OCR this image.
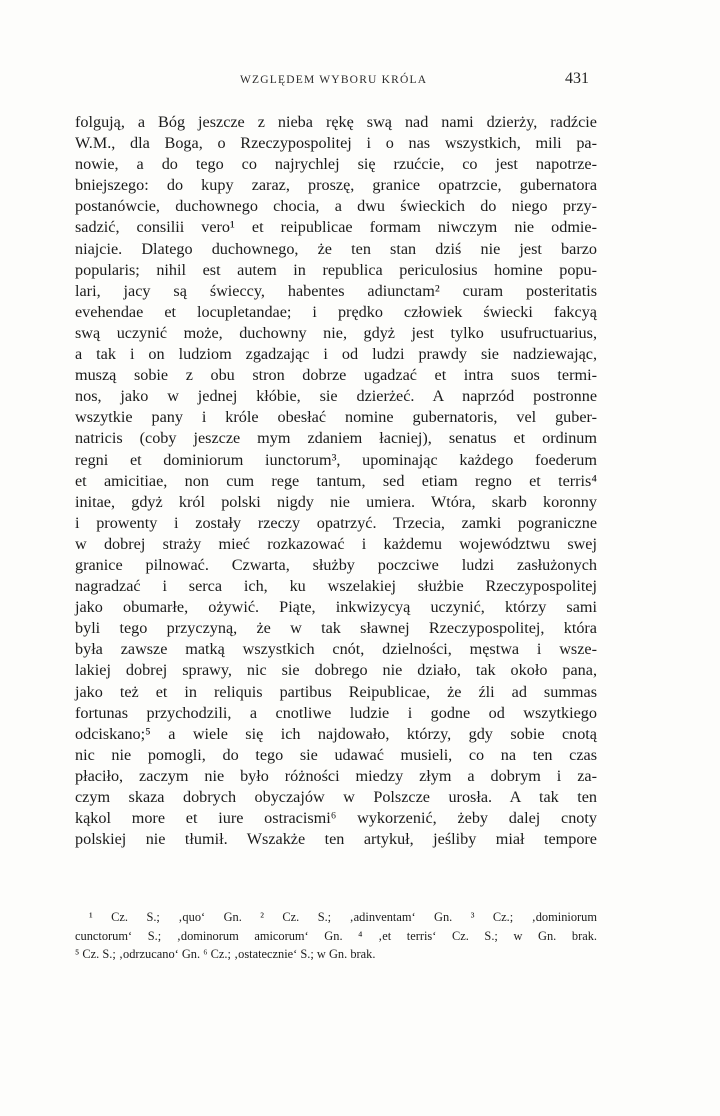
WZGLĘDEM WYBORU KRÓLA	431
folgują, a Bóg jeszcze z nieba rękę swą nad nami dzierży, radźcie
W.M., dla Boga, o Rzeczypospolitej i o nas wszystkich, mili pa-
nowie, a do tego co najrychlej się rzućcie, co jest napotrze-
bniejszego: do kupy zaraz, proszę, granice opatrzcie, gubernatora
postanówcie, duchownego chocia, a dwu świeckich do niego przy-
sadzić, consilii vero¹ et reipublicae formam niwczym nie odmie-
niajcie. Dlatego duchownego, że ten stan dziś nie jest barzo
popularis; nihil est autem in republica periculosius homine popu-
lari, jacy są świeccy, habentes adiunctam² curam posteritatis
evehendae et locupletandae; i prędko człowiek świecki fakcyą
swą uczynić może, duchowny nie, gdyż jest tylko usufructuarius,
a tak i on ludziom zgadzając i od ludzi prawdy sie nadziewając,
muszą sobie z obu stron dobrze ugadzać et intra suos termi-
nos, jako w jednej kłóbie, sie dzierżeć. A naprzód postronne
wszytkie pany i króle obesłać nomine gubernatoris, vel guber-
natricis (coby jeszcze mym zdaniem łacniej), senatus et ordinum
regni et dominiorum iunctorum³, upominając każdego foederum
et amicitiae, non cum rege tantum, sed etiam regno et terris⁴
initae, gdyż król polski nigdy nie umiera. Wtóra, skarb koronny
i prowenty i zostały rzeczy opatrzyć. Trzecia, zamki pograniczne
w dobrej straży mieć rozkazować i każdemu województwu swej
granice pilnować. Czwarta, służby poczciwe ludzi zasłużonych
nagradzać i serca ich, ku wszelakiej służbie Rzeczypospolitej
jako obumarłe, ożywić. Piąte, inkwizycyą uczynić, którzy sami
byli tego przyczyną, że w tak sławnej Rzeczypospolitej, która
była zawsze matką wszystkich cnót, dzielności, męstwa i wsze-
lakiej dobrej sprawy, nic sie dobrego nie działo, tak około pana,
jako też et in reliquis partibus Reipublicae, że źli ad summas
fortunas przychodzili, a cnotliwe ludzie i godne od wszytkiego
odciskano;⁵ a wiele się ich najdowało, którzy, gdy sobie cnotą
nic nie pomogli, do tego sie udawać musieli, co na ten czas
płaciło, zaczym nie było różności miedzy złym a dobrym i za-
czym skaza dobrych obyczajów w Polszcze urosła. A tak ten
kąkol more et iure ostracismi⁶ wykorzenić, żeby dalej cnoty
polskiej nie tłumił. Wszakże ten artykuł, jeśliby miał tempore
¹ Cz. S.; ‚quo‘ Gn. ² Cz. S.; ‚adinventam‘ Gn. ³ Cz.; ‚dominiorum
cunctorum‘ S.; ‚dominorum amicorum‘ Gn. ⁴ ‚et terris‘ Cz. S.; w Gn. brak.
⁵ Cz. S.; ‚odrzucano‘ Gn. ⁶ Cz.; ‚ostatecznie‘ S.; w Gn. brak.
